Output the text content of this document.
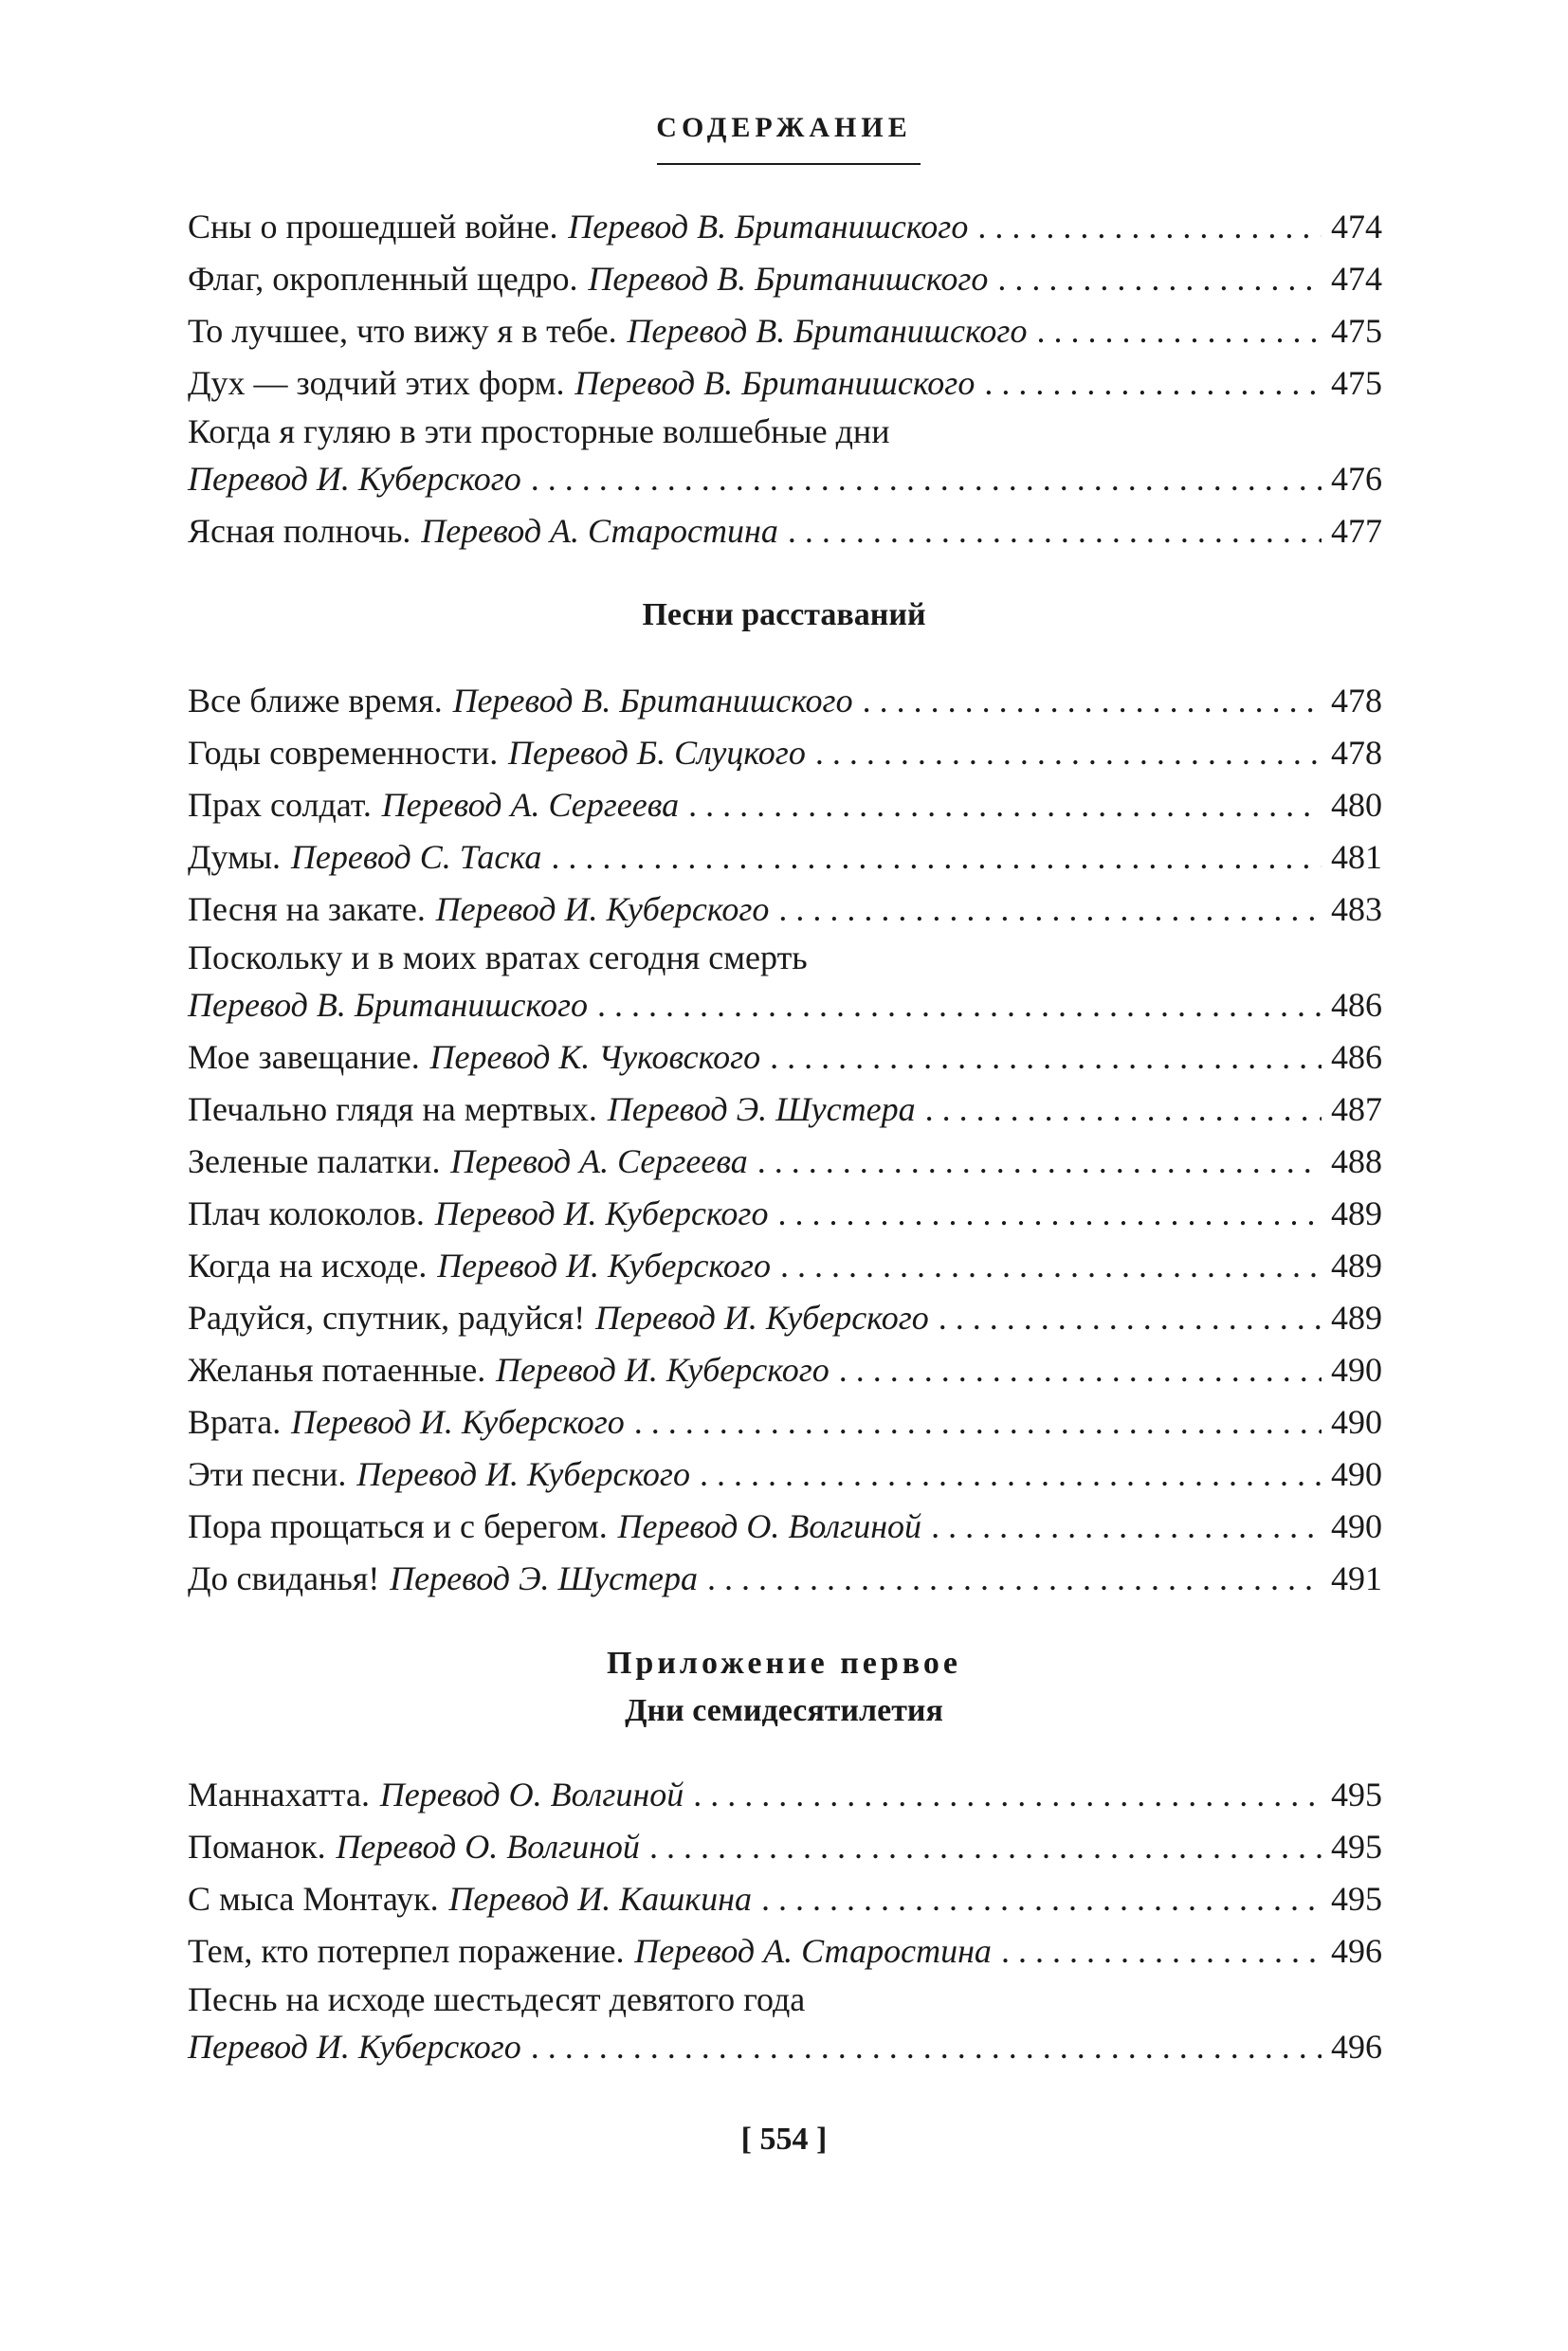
СОДЕРЖАНИЕ
Сны о прошедшей войне. Перевод В. Британишского . . .	474
Флаг, окропленный щедро. Перевод В. Британишского . . .	474
То лучшее, что вижу я в тебе. Перевод В. Британишского . . .	475
Дух — зодчий этих форм. Перевод В. Британишского . . .	475
Когда я гуляю в эти просторные волшебные дни
Перевод И. Куберского . . .	476
Ясная полночь. Перевод А. Старостина . . .	477
Песни расставаний
Все ближе время. Перевод В. Британишского . . .	478
Годы современности. Перевод Б. Слуцкого . . .	478
Прах солдат. Перевод А. Сергеева . . .	480
Думы. Перевод С. Таска . . .	481
Песня на закате. Перевод И. Куберского . . .	483
Поскольку и в моих вратах сегодня смерть
Перевод В. Британишского . . .	486
Мое завещание. Перевод К. Чуковского . . .	486
Печально глядя на мертвых. Перевод Э. Шустера . . .	487
Зеленые палатки. Перевод А. Сергеева . . .	488
Плач колоколов. Перевод И. Куберского . . .	489
Когда на исходе. Перевод И. Куберского . . .	489
Радуйся, спутник, радуйся! Перевод И. Куберского . . .	489
Желанья потаенные. Перевод И. Куберского . . .	490
Врата. Перевод И. Куберского . . .	490
Эти песни. Перевод И. Куберского . . .	490
Пора прощаться и с берегом. Перевод О. Волгиной . . .	490
До свиданья! Перевод Э. Шустера . . .	491
Приложение первое
Дни семидесятилетия
Маннахатта. Перевод О. Волгиной . . .	495
Поманок. Перевод О. Волгиной . . .	495
С мыса Монтаук. Перевод И. Кашкина . . .	495
Тем, кто потерпел поражение. Перевод А. Старостина . . .	496
Песнь на исходе шестьдесят девятого года
Перевод И. Куберского . . .	496
[ 554 ]
